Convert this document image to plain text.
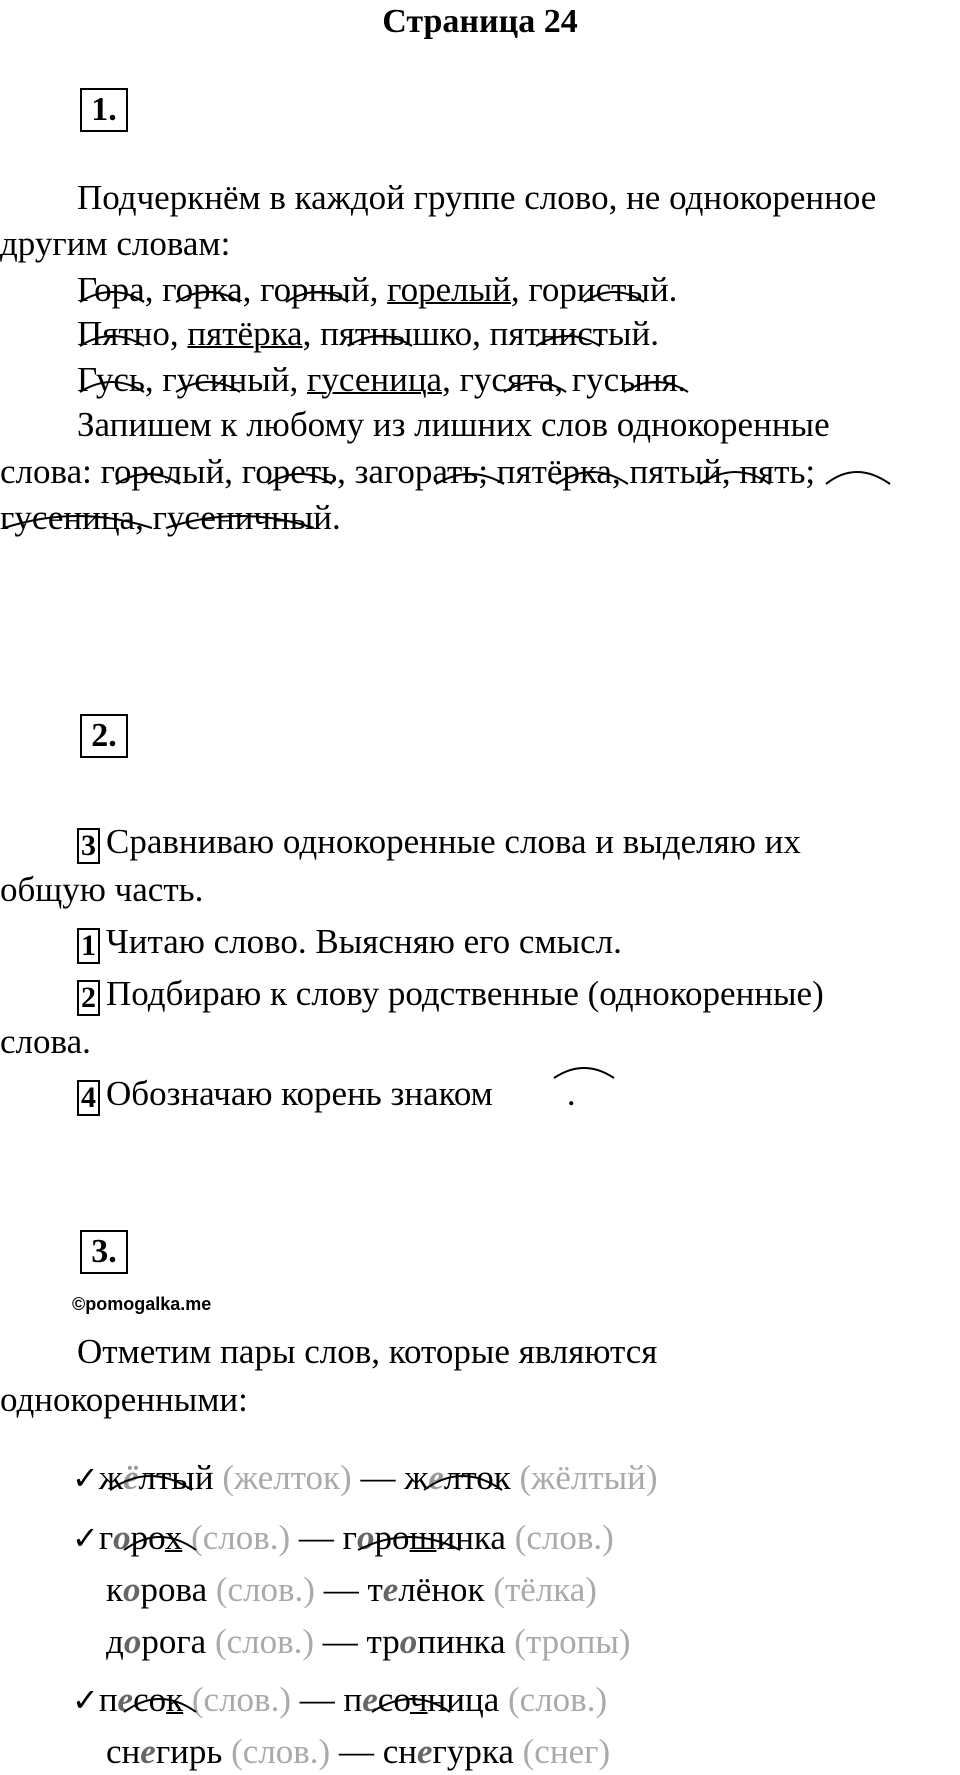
Страница 24
1.
Подчеркнём в каждой группе слово, не однокоренное
другим словам:
Гора, горка, горный, горелый, гористый.
Пятно, пятёрка, пятнышко, пятнистый.
Гусь, гусиный, гусеница, гусята, гусыня.
Запишем к любому из лишних слов однокоренные
слова: горелый, гореть, загорать; пятёрка, пятый, пять;
гусеница, гусеничный.
2.
3 Сравниваю однокоренные слова и выделяю их
общую часть.
1 Читаю слово. Выясняю его смысл.
2 Подбираю к слову родственные (однокоренные)
слова.
4 Обозначаю корень знаком .
3.
©pomogalka.me
Отметим пары слов, которые являются
однокоренными:
✓жёлтый (желток) — желток (жёлтый)
✓горох (слов.) — горошинка (слов.)
корова (слов.) — телёнок (тёлка)
дорога (слов.) — тропинка (тропы)
✓песок (слов.) — песочница (слов.)
снегирь (слов.) — снегурка (снег)
